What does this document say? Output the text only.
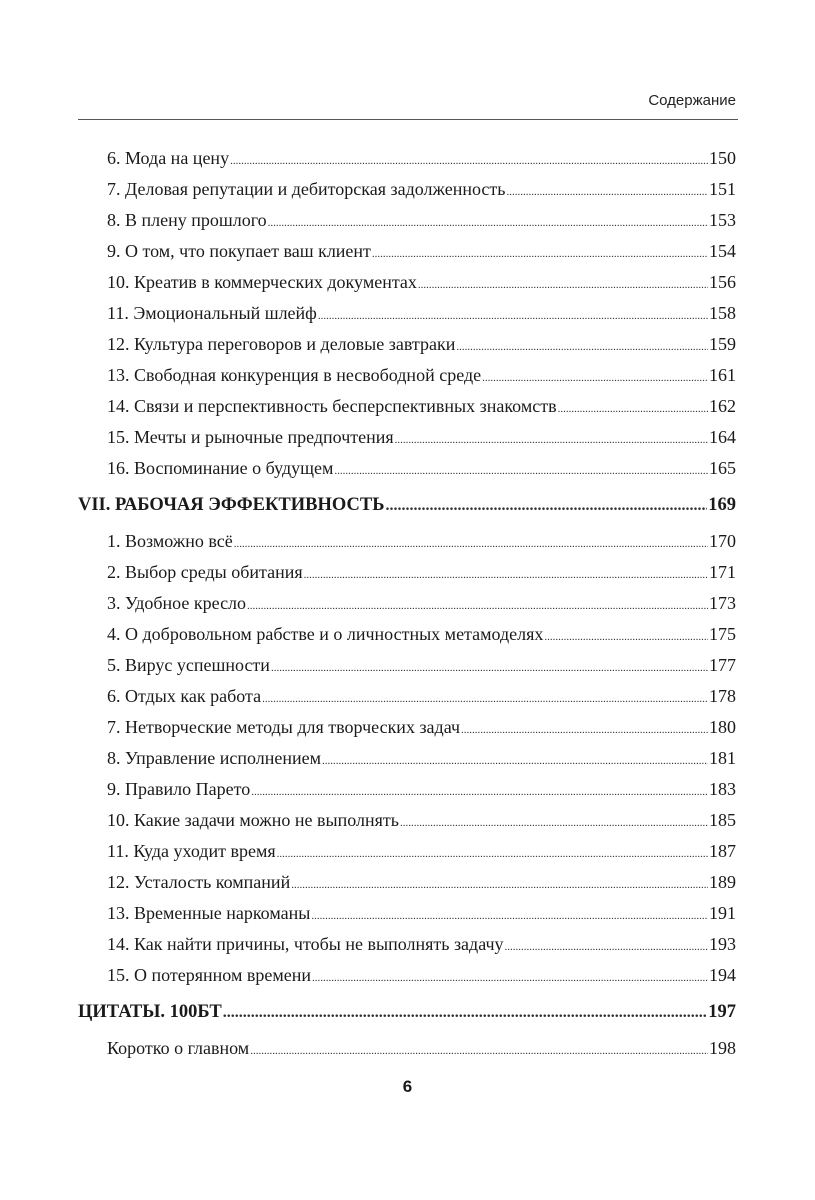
Содержание
6. Мода на цену .....	150
7. Деловая репутации и дебиторская задолженность .....	151
8. В плену прошлого .....	153
9. О том, что покупает ваш клиент .....	154
10. Креатив в коммерческих документах .....	156
11. Эмоциональный шлейф .....	158
12. Культура переговоров и деловые завтраки .....	159
13. Свободная конкуренция в несвободной среде .....	161
14. Связи и перспективность бесперспективных знакомств .....	162
15. Мечты и рыночные предпочтения .....	164
16. Воспоминание о будущем .....	165
VII. РАБОЧАЯ ЭФФЕКТИВНОСТЬ .....	169
1. Возможно всё .....	170
2. Выбор среды обитания .....	171
3. Удобное кресло .....	173
4. О добровольном рабстве и о личностных метамоделях .....	175
5. Вирус успешности .....	177
6. Отдых как работа .....	178
7. Нетворческие методы для творческих задач .....	180
8. Управление исполнением .....	181
9. Правило Парето .....	183
10. Какие задачи можно не выполнять .....	185
11. Куда уходит время .....	187
12. Усталость компаний .....	189
13. Временные наркоманы .....	191
14. Как найти причины, чтобы не выполнять задачу .....	193
15. О потерянном времени .....	194
ЦИТАТЫ. 100БТ .....	197
Коротко о главном .....	198
6
